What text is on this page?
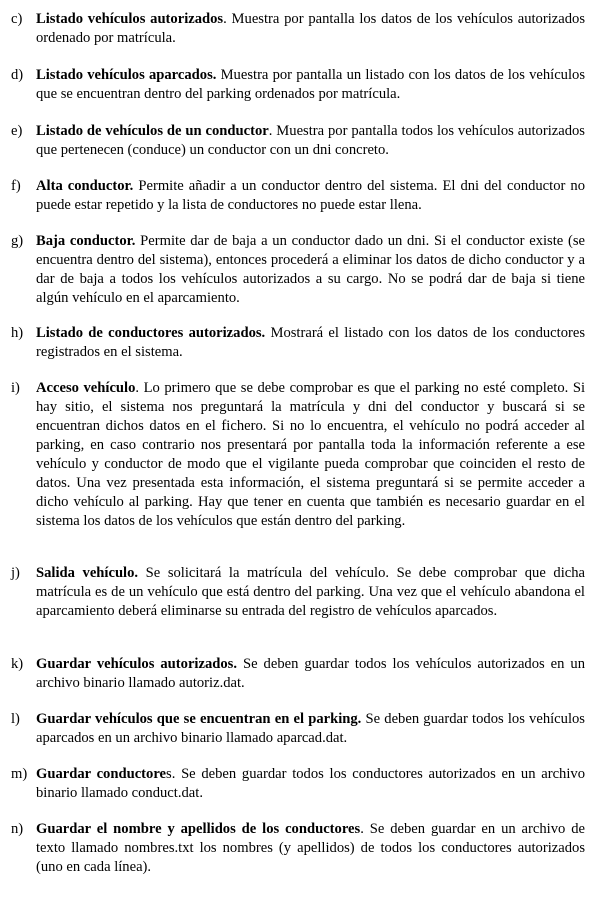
c) Listado vehículos autorizados. Muestra por pantalla los datos de los vehículos autorizados ordenado por matrícula.

d) Listado vehículos aparcados. Muestra por pantalla un listado con los datos de los vehículos que se encuentran dentro del parking ordenados por matrícula.

e) Listado de vehículos de un conductor. Muestra por pantalla todos los vehículos autorizados que pertenecen (conduce) un conductor con un dni concreto.

f)	Alta conductor. Permite añadir a un conductor dentro del sistema. El dni del conductor no puede estar repetido y la lista de conductores no puede estar llena.

g) Baja conductor. Permite dar de baja a un conductor dado un dni. Si el conductor existe (se encuentra dentro del sistema), entonces procederá a eliminar los datos de dicho conductor y a dar de baja a todos los vehículos autorizados a su cargo. No se podrá dar de baja si tiene algún vehículo en el aparcamiento.

h) Listado de conductores autorizados. Mostrará el listado con los datos de los conductores registrados en el sistema.

i)	Acceso vehículo. Lo primero que se debe comprobar es que el parking no esté completo. Si hay sitio, el sistema nos preguntará la matrícula y dni del conductor y buscará si se encuentran dichos datos en el fichero. Si no lo encuentra, el vehículo no podrá acceder al parking, en caso contrario nos presentará por pantalla toda la información referente a ese vehículo y conductor de modo que el vigilante pueda comprobar que coinciden el resto de datos. Una vez presentada esta información, el sistema preguntará si se permite acceder a dicho vehículo al parking. Hay que tener en cuenta que también es necesario guardar en el sistema los datos de los vehículos que están dentro del parking.

j)	Salida vehículo. Se solicitará la matrícula del vehículo. Se debe comprobar que dicha matrícula es de un vehículo que está dentro del parking. Una vez que el vehículo abandona el aparcamiento deberá eliminarse su entrada del registro de vehículos aparcados.

k) Guardar vehículos autorizados. Se deben guardar todos los vehículos autorizados en un archivo binario llamado autoriz.dat.

l)	Guardar vehículos que se encuentran en el parking. Se deben guardar todos los vehículos aparcados en un archivo binario llamado aparcad.dat.

m) Guardar conductores. Se deben guardar todos los conductores autorizados en un archivo binario llamado conduct.dat.

n) Guardar el nombre y apellidos de los conductores. Se deben guardar en un archivo de texto llamado nombres.txt los nombres (y apellidos) de todos los conductores autorizados (uno en cada línea).
